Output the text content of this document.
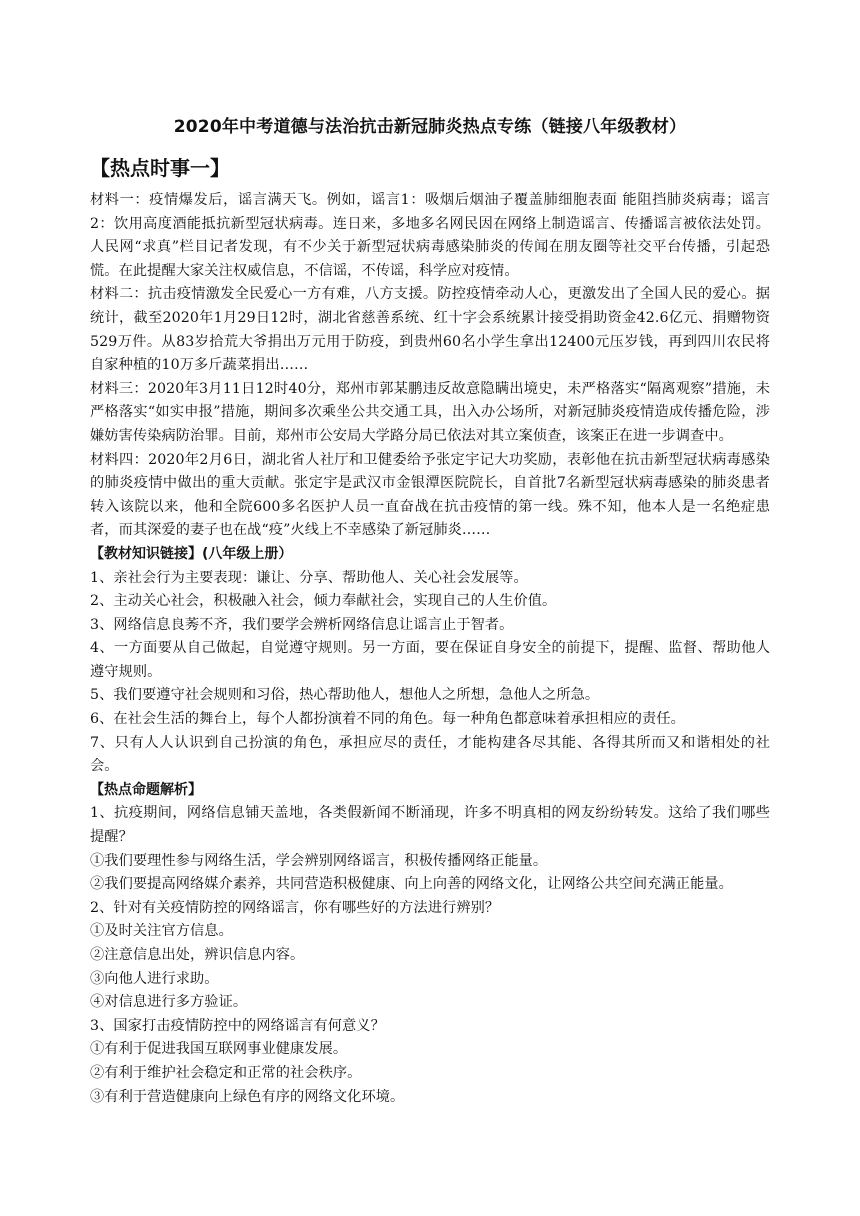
2020年中考道德与法治抗击新冠肺炎热点专练（链接八年级教材）
【热点时事一】

材料一：疫情爆发后，谣言满天飞。例如，谣言1：吸烟后烟油子覆盖肺细胞表面 能阻挡肺炎病毒；谣言2：饮用高度酒能抵抗新型冠状病毒。连日来，多地多名网民因在网络上制造谣言、传播谣言被依法处罚。人民网“求真”栏目记者发现，有不少关于新型冠状病毒感染肺炎的传闻在朋友圈等社交平台传播，引起恐慌。在此提醒大家关注权威信息，不信谣，不传谣，科学应对疫情。

材料二：抗击疫情激发全民爱心一方有难，八方支援。防控疫情牵动人心，更激发出了全国人民的爱心。据统计，截至2020年1月29日12时，湖北省慈善系统、红十字会系统累计接受捐助资金42.6亿元、捐赠物资529万件。从83岁拾荒大爷捐出万元用于防疫，到贵州60名小学生拿出12400元压岁钱，再到四川农民将自家种植的10万多斤蔬菜捐出……

材料三：2020年3月11日12时40分，郑州市郭某鹏违反故意隐瞒出境史，未严格落实“隔离观察”措施，未严格落实“如实申报”措施，期间多次乘坐公共交通工具，出入办公场所，对新冠肺炎疫情造成传播危险，涉嫌妨害传染病防治罪。目前，郑州市公安局大学路分局已依法对其立案侦查，该案正在进一步调查中。

材料四：2020年2月6日，湖北省人社厅和卫健委给予张定宇记大功奖励，表彰他在抗击新型冠状病毒感染的肺炎疫情中做出的重大贡献。张定宇是武汉市金银潭医院院长，自首批7名新型冠状病毒感染的肺炎患者转入该院以来，他和全院600多名医护人员一直奋战在抗击疫情的第一线。殊不知，他本人是一名绝症患者，而其深爱的妻子也在战“疫”火线上不幸感染了新冠肺炎……

【教材知识链接】(八年级上册）

1、亲社会行为主要表现：谦让、分享、帮助他人、关心社会发展等。

2、主动关心社会，积极融入社会，倾力奉献社会，实现自己的人生价值。

3、网络信息良莠不齐，我们要学会辨析网络信息让谣言止于智者。

4、一方面要从自己做起，自觉遵守规则。另一方面，要在保证自身安全的前提下，提醒、监督、帮助他人遵守规则。

5、我们要遵守社会规则和习俗，热心帮助他人，想他人之所想，急他人之所急。

6、在社会生活的舞台上，每个人都扮演着不同的角色。每一种角色都意味着承担相应的责任。

7、只有人人认识到自己扮演的角色，承担应尽的责任，才能构建各尽其能、各得其所而又和谐相处的社会。

【热点命题解析】

1、抗疫期间，网络信息铺天盖地，各类假新闻不断涌现，许多不明真相的网友纷纷转发。这给了我们哪些提醒？

①我们要理性参与网络生活，学会辨别网络谣言，积极传播网络正能量。

②我们要提高网络媒介素养，共同营造积极健康、向上向善的网络文化，让网络公共空间充满正能量。

2、针对有关疫情防控的网络谣言，你有哪些好的方法进行辨别？

①及时关注官方信息。

②注意信息出处，辨识信息内容。

③向他人进行求助。

④对信息进行多方验证。

3、国家打击疫情防控中的网络谣言有何意义？

①有利于促进我国互联网事业健康发展。

②有利于维护社会稳定和正常的社会秩序。

③有利于营造健康向上绿色有序的网络文化环境。
